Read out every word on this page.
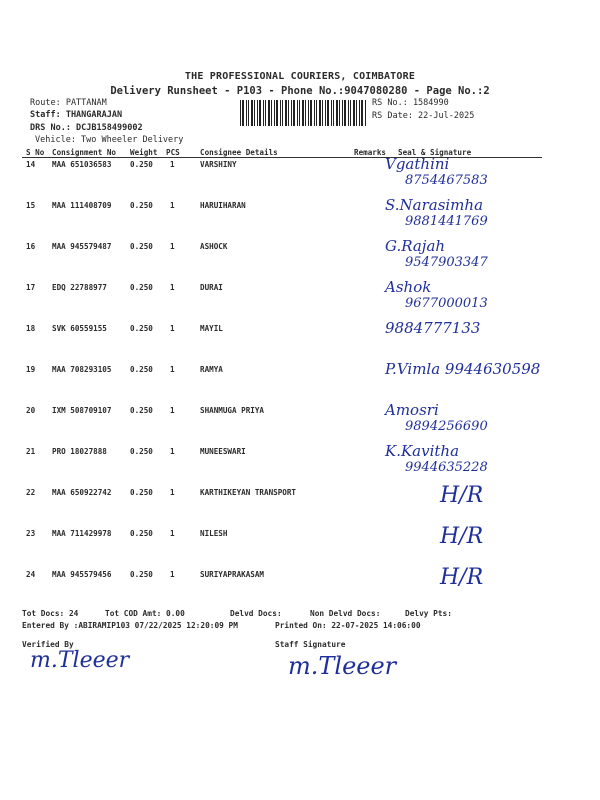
THE PROFESSIONAL COURIERS, COIMBATORE
Delivery Runsheet - P103 - Phone No.:9047080280 - Page No.:2
Route: PATTANAM
Staff: THANGARAJAN
DRS No.: DCJB158499002
Vehicle: Two Wheeler Delivery
RS No.: 1584990
RS Date: 22-Jul-2025
S No Consignment No Weight PCS	Consignee Details	Remarks Seal & Signature
14 MAA 651036583 0.250 1	VARSHINY	Vgathini
8754467583
15 MAA 111408709 0.250 1	HARUIHARAN	S.Narasimha
9881441769
16 MAA 945579487 0.250 1	ASHOCK	G.Rajah
9547903347
17 EDQ 22788977	0.250 1	DURAI	Ashok
9677000013
18 SVK 60559155	0.250 1	MAYIL	9884777133
19 MAA 708293105 0.250 1	RAMYA	P.Vimla 9944630598
20 IXM 508709107 0.250 1	SHANMUGA PRIYA	Amosri
9894256690
21 PRO 18027888	0.250 1	MUNEESWARI	K.Kavitha
9944635228
22 MAA 650922742 0.250 1	KARTHIKEYAN TRANSPORT	H/R
23 MAA 711429978 0.250 1	NILESH	H/R
24 MAA 945579456 0.250 1	SURIYAPRAKASAM	H/R
Tot Docs: 24	Tot COD Amt: 0.00	Delvd Docs:	Non Delvd Docs:	Delvy Pts:
Entered By :ABIRAMIP103 07/22/2025 12:20:09 PM	Printed On: 22-07-2025 14:06:00
Verified By	Staff Signature
m.Tleeer	m.Tleeer
